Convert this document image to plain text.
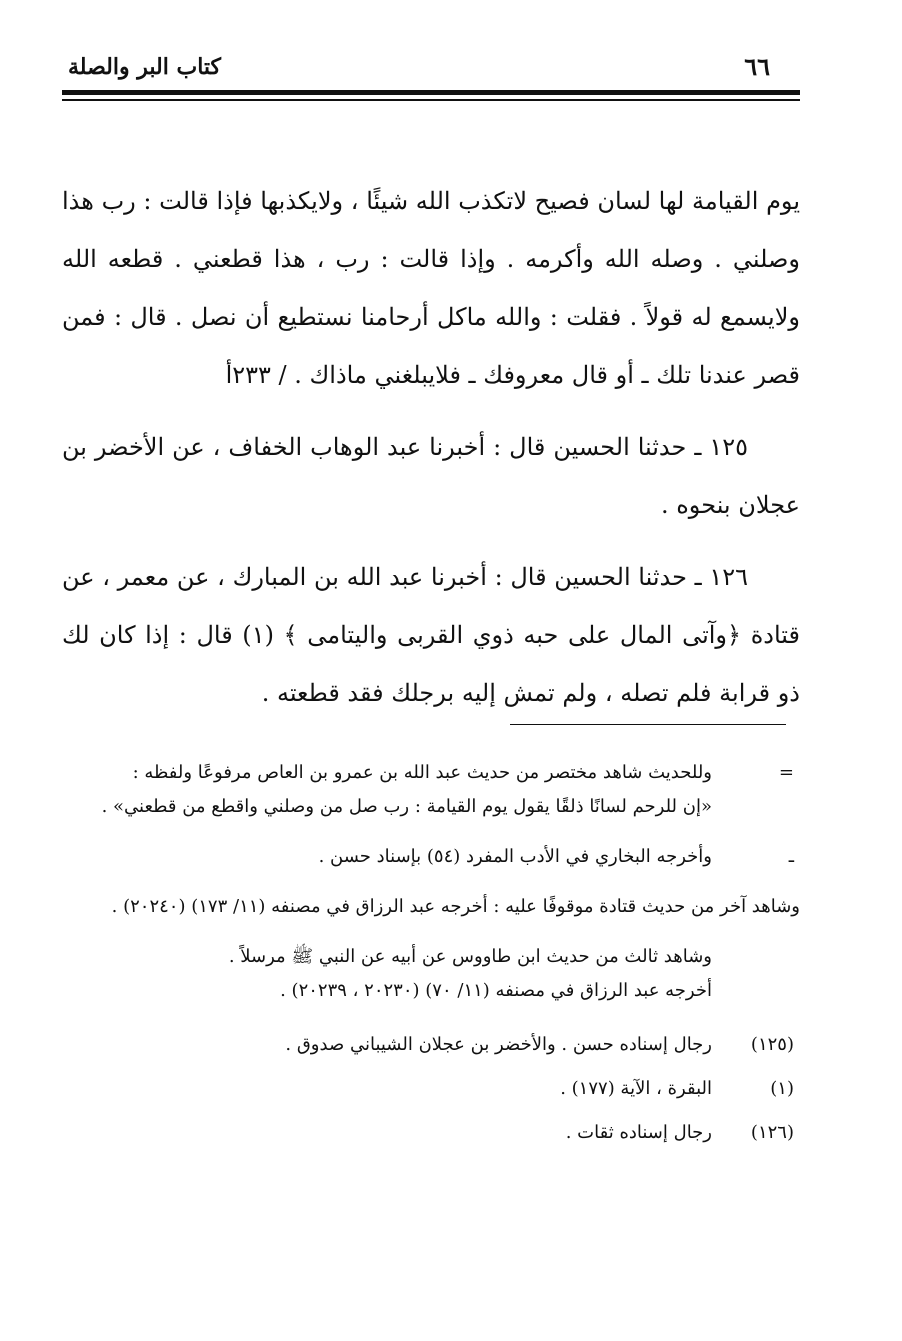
٦٦
كتاب البر والصلة

يوم القيامة لها لسان فصيح لاتكذب الله شيئًا ، ولايكذبها فإذا قالت : رب هذا وصلني . وصله الله وأكرمه . وإذا قالت : رب ، هذا قطعني . قطعه الله ولايسمع له قولاً . فقلت : والله ماكل أرحامنا نستطيع أن نصل . قال : فمن قصر عندنا تلك ـ أو قال معروفك ـ فلايبلغني ماذاك . / ٢٣٣أ

١٢٥ ـ حدثنا الحسين قال : أخبرنا عبد الوهاب الخفاف ، عن الأخضر بن عجلان بنحوه .

١٢٦ ـ حدثنا الحسين قال : أخبرنا عبد الله بن المبارك ، عن معمر ، عن قتادة ﴿وآتى المال على حبه ذوي القربى واليتامى ﴾ (١) قال : إذا كان لك ذو قرابة فلم تصله ، ولم تمش إليه برجلك فقد قطعته .

=

وللحديث شاهد مختصر من حديث عبد الله بن عمرو بن العاص مرفوعًا ولفظه :

«إن للرحم لسانًا ذلقًا يقول يوم القيامة : رب صل من وصلني واقطع من قطعني» .

ـ

وأخرجه البخاري في الأدب المفرد (٥٤) بإسناد حسن .

وشاهد آخر من حديث قتادة موقوفًا عليه : أخرجه عبد الرزاق في مصنفه (١١/ ١٧٣) (٢٠٢٤٠) .

وشاهد ثالث من حديث ابن طاووس عن أبيه عن النبي ﷺ مرسلاً .

أخرجه عبد الرزاق في مصنفه (١١/ ٧٠) (٢٠٢٣٠ ، ٢٠٢٣٩) .

(١٢٥)
رجال إسناده حسن . والأخضر بن عجلان الشيباني صدوق .
(١)
البقرة ، الآية (١٧٧) .
(١٢٦)
رجال إسناده ثقات .
